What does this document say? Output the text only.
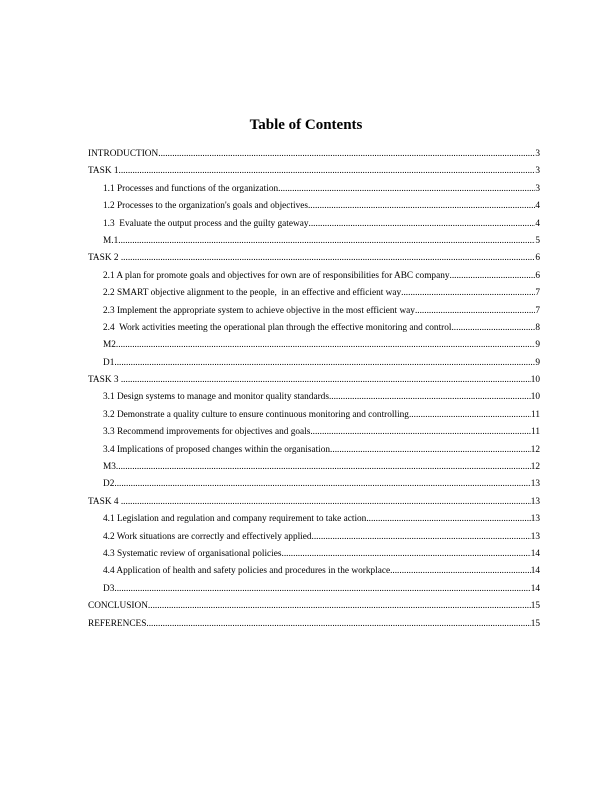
Table of Contents
INTRODUCTION .....	3
TASK 1 .....	3
1.1 Processes and functions of the organization .....	3
1.2 Processes to the organization's goals and objectives .....	4
1.3  Evaluate the output process and the guilty gateway .....	4
M.1 .....	5
TASK 2 .....	6
2.1 A plan for promote goals and objectives for own are of responsibilities for ABC company .....	6
2.2 SMART objective alignment to the people,  in an effective and efficient way .....	7
2.3 Implement the appropriate system to achieve objective in the most efficient way .....	7
2.4  Work activities meeting the operational plan through the effective monitoring and control .....	8
M2 .....	9
D1 .....	9
TASK 3 .....	10
3.1 Design systems to manage and monitor quality standards .....	10
3.2 Demonstrate a quality culture to ensure continuous monitoring and controlling .....	11
3.3 Recommend improvements for objectives and goals .....	11
3.4 Implications of proposed changes within the organisation .....	12
M3 .....	12
D2 .....	13
TASK 4 .....	13
4.1 Legislation and regulation and company requirement to take action .....	13
4.2 Work situations are correctly and effectively applied .....	13
4.3 Systematic review of organisational policies .....	14
4.4 Application of health and safety policies and procedures in the workplace .....	14
D3 .....	14
CONCLUSION .....	15
REFERENCES .....	15
